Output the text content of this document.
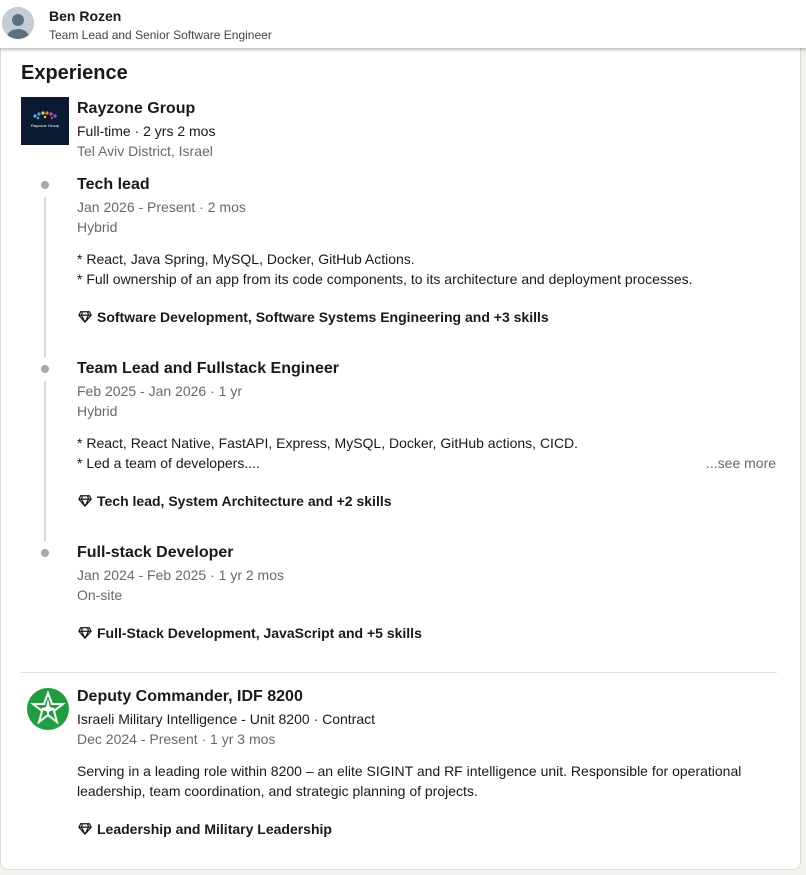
Ben Rozen
Team Lead and Senior Software Engineer
Experience
Rayzone Group
Rayzone Group
Full-time · 2 yrs 2 mos
Tel Aviv District, Israel
Tech lead
Jan 2026 - Present · 2 mos
Hybrid
* React, Java Spring, MySQL, Docker, GitHub Actions.
* Full ownership of an app from its code components, to its architecture and deployment processes.
Software Development, Software Systems Engineering and +3 skills
Team Lead and Fullstack Engineer
Feb 2025 - Jan 2026 · 1 yr
Hybrid
* React, React Native, FastAPI, Express, MySQL, Docker, GitHub actions, CICD.
* Led a team of developers....	...see more
Tech lead, System Architecture and +2 skills
Full-stack Developer
Jan 2024 - Feb 2025 · 1 yr 2 mos
On-site
Full-Stack Development, JavaScript and +5 skills
Deputy Commander, IDF 8200
Israeli Military Intelligence - Unit 8200 · Contract
Dec 2024 - Present · 1 yr 3 mos
Serving in a leading role within 8200 – an elite SIGINT and RF intelligence unit. Responsible for operational
leadership, team coordination, and strategic planning of projects.
Leadership and Military Leadership
